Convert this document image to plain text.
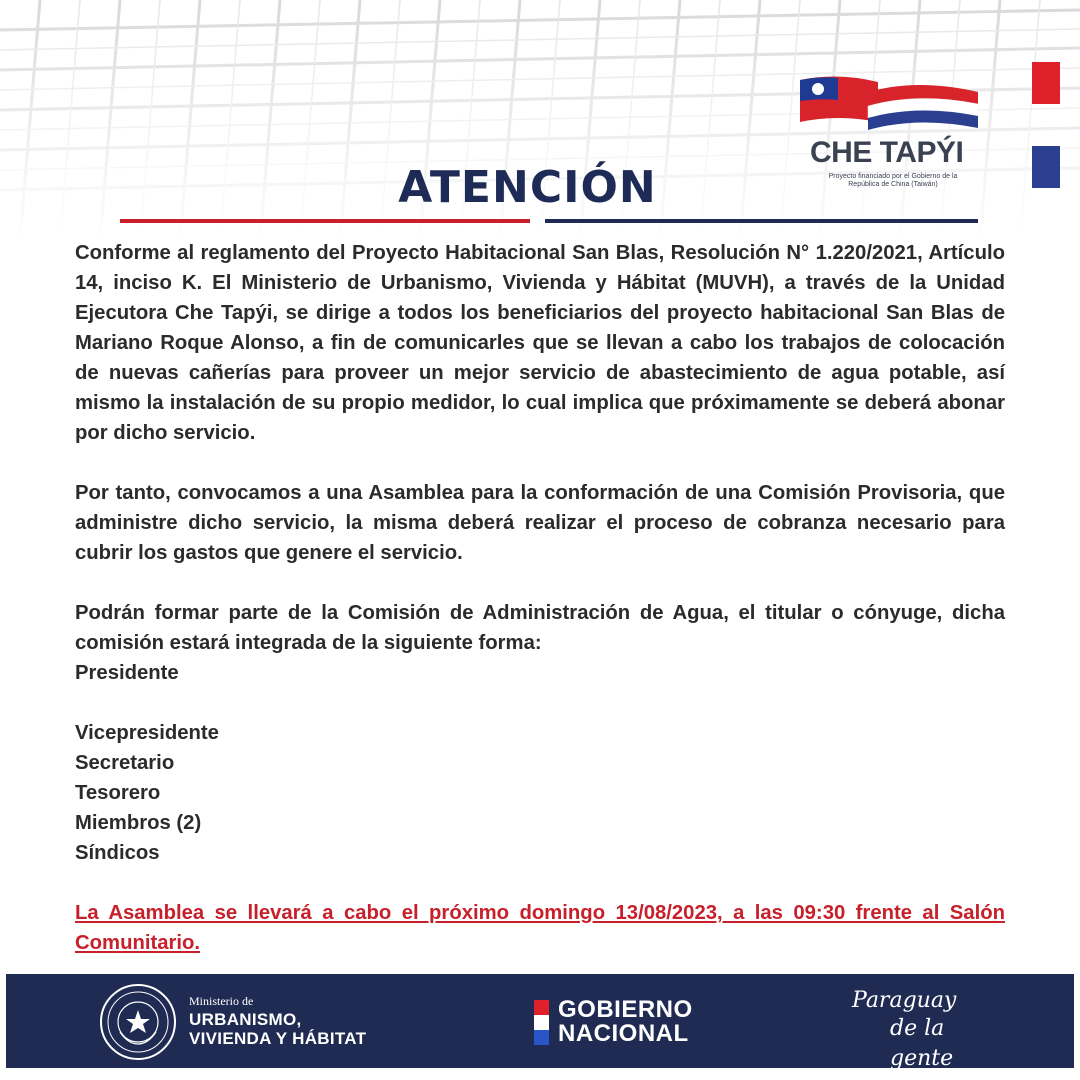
CHE TAPÝI
Proyecto financiado por el Gobierno de la República de China (Taiwán)
ATENCIÓN

Conforme al reglamento del Proyecto Habitacional San Blas, Resolución N° 1.220/2021, Artículo 14, inciso K. El Ministerio de Urbanismo, Vivienda y Hábitat (MUVH), a través de la Unidad Ejecutora Che Tapýi, se dirige a todos los beneficiarios del proyecto habitacional San Blas de Mariano Roque Alonso, a fin de comunicarles que se llevan a cabo los trabajos de colocación de nuevas cañerías para proveer un mejor servicio de abastecimiento de agua potable, así mismo la instalación de su propio medidor, lo cual implica que próximamente se deberá abonar por dicho servicio.

Por tanto, convocamos a una Asamblea para la conformación de una Comisión Provisoria, que administre dicho servicio, la misma deberá realizar el proceso de cobranza necesario para cubrir los gastos que genere el servicio.

Podrán formar parte de la Comisión de Administración de Agua, el titular o cónyuge, dicha comisión estará integrada de la siguiente forma:

Presidente
Vicepresidente
Secretario
Tesorero
Miembros (2)
Síndicos

La Asamblea se llevará a cabo el próximo domingo 13/08/2023, a las 09:30 frente al Salón Comunitario.

Ministerio de
URBANISMO,
VIVIENDA Y HÁBITAT
GOBIERNO
NACIONAL
Paraguay
de la gente
